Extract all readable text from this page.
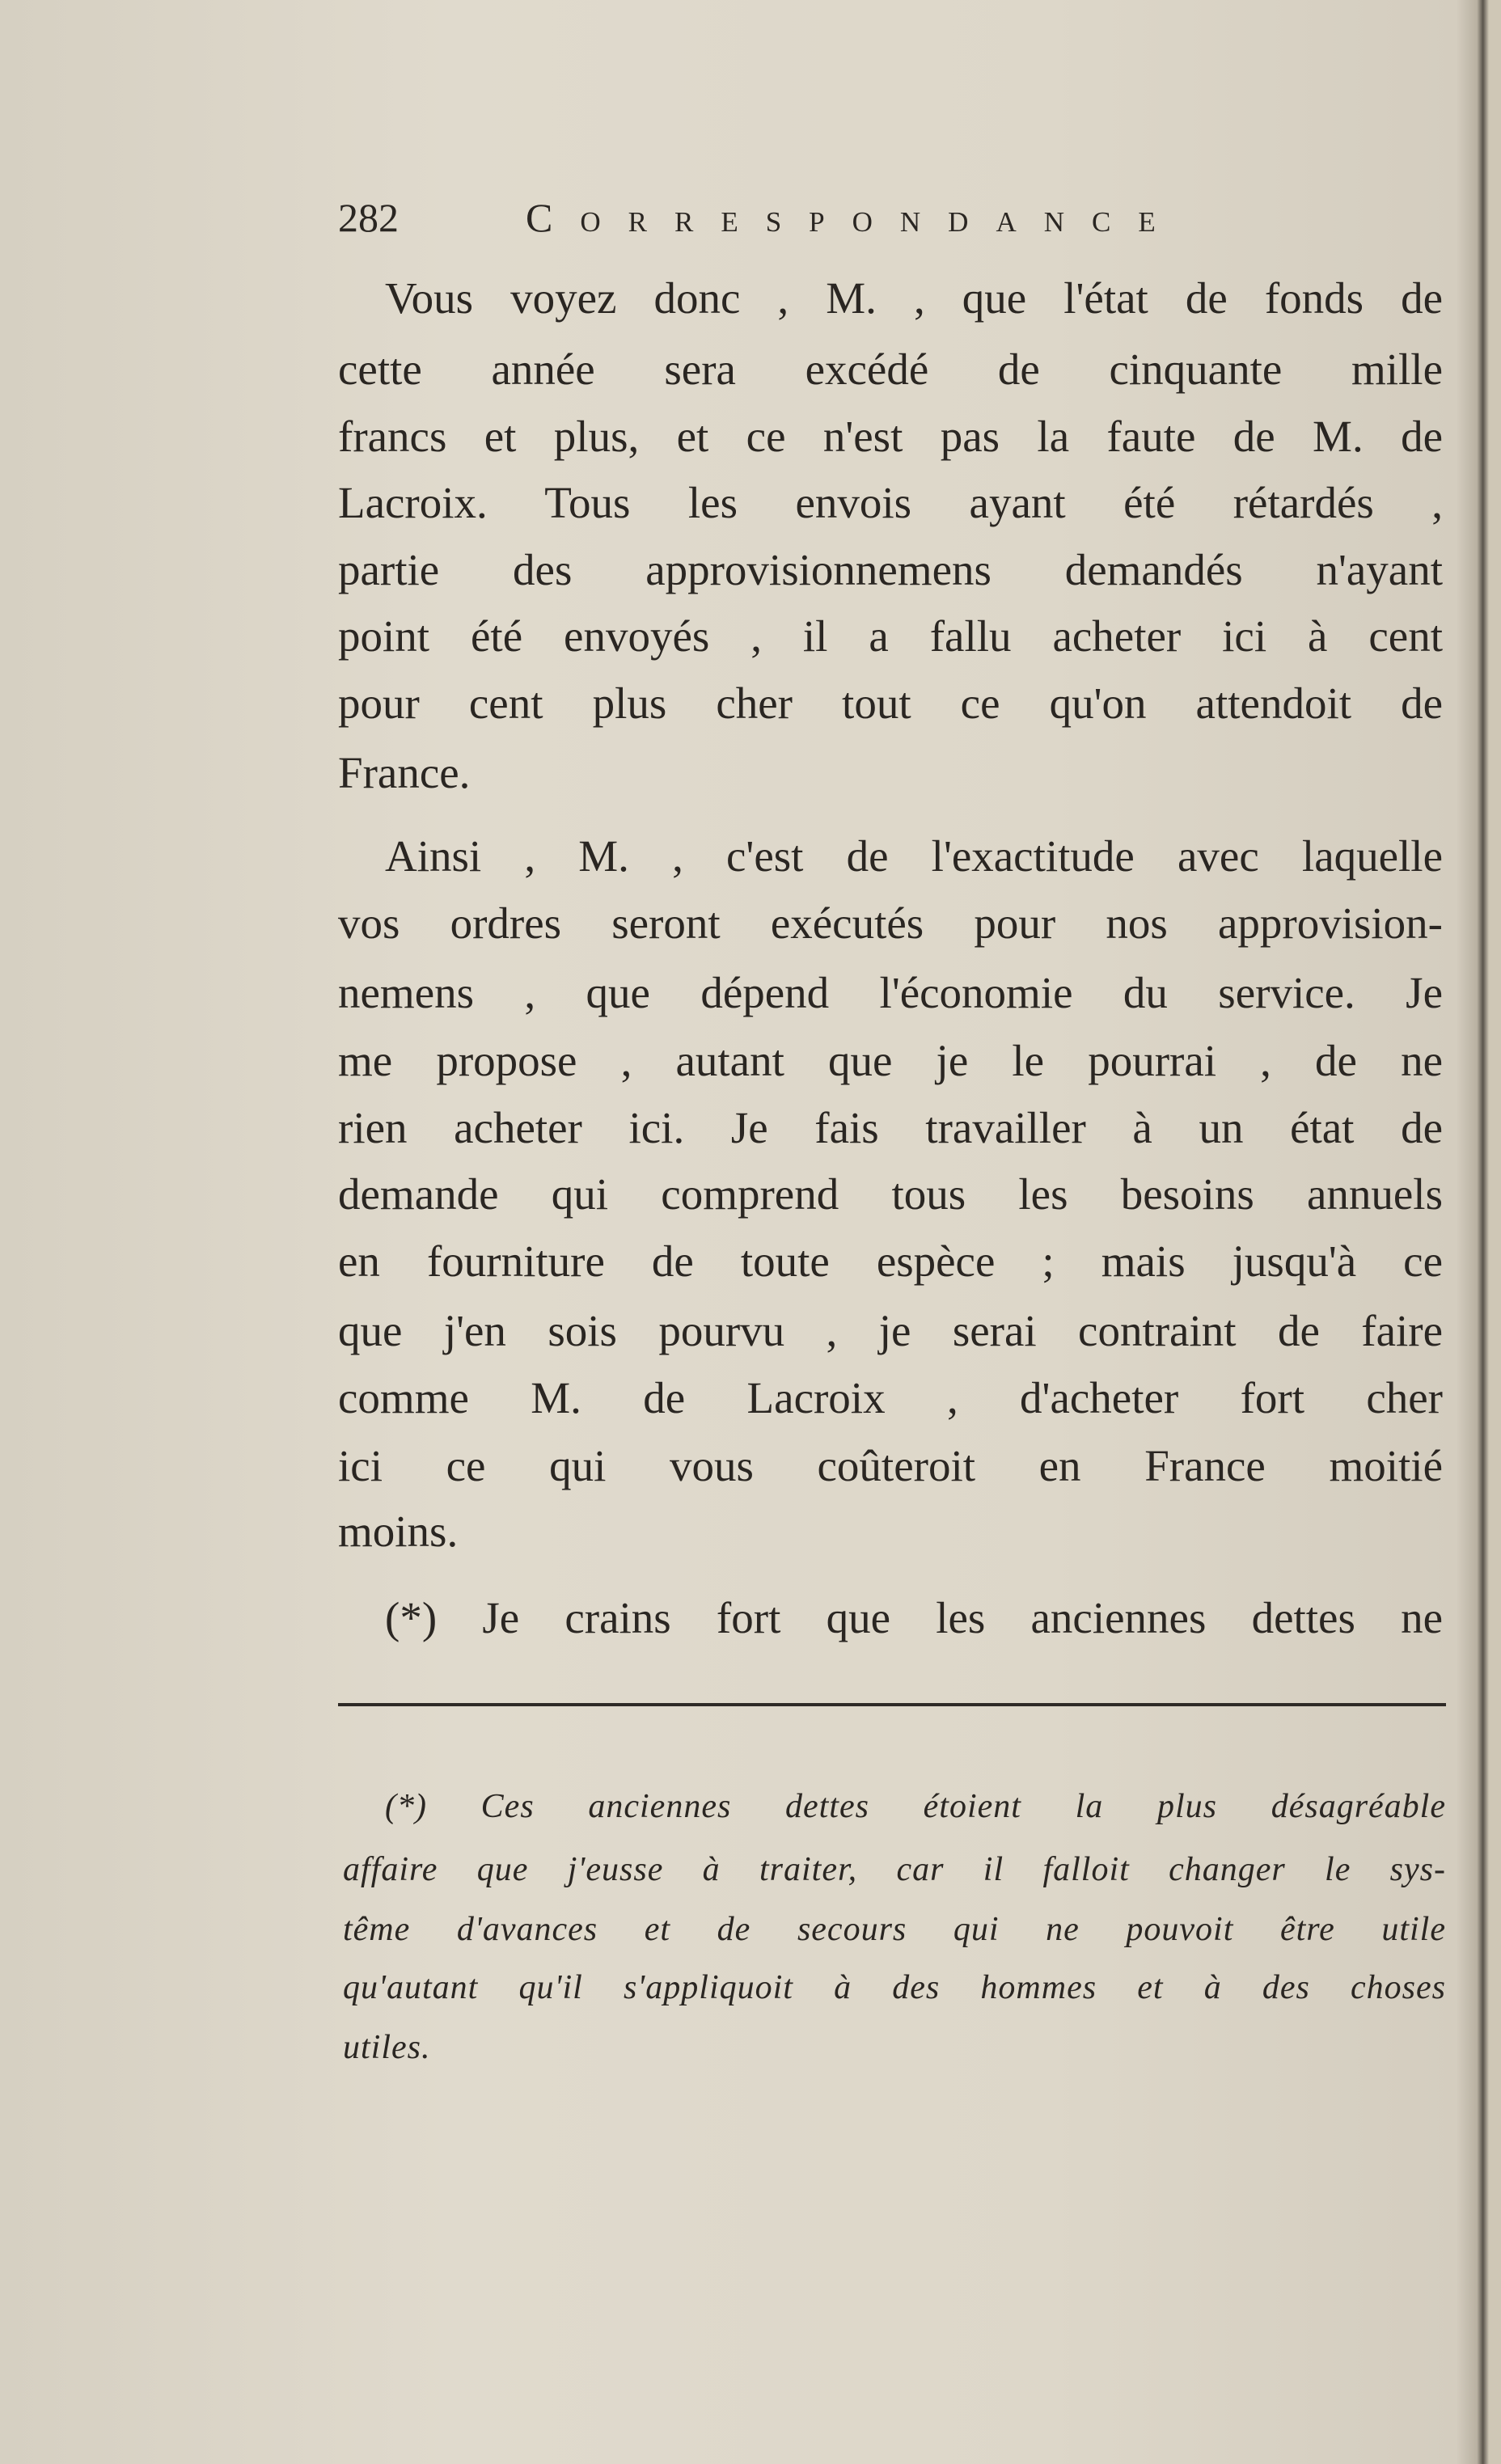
282	Correspondance
Vous voyez donc , M. , que l'état de fonds de
cette année sera excédé de cinquante mille
francs et plus, et ce n'est pas la faute de M. de
Lacroix. Tous les envois ayant été rétardés ,
partie des approvisionnemens demandés n'ayant
point été envoyés , il a fallu acheter ici à cent
pour cent plus cher tout ce qu'on attendoit de
France.
Ainsi , M. , c'est de l'exactitude avec laquelle
vos ordres seront exécutés pour nos approvision-
nemens , que dépend l'économie du service. Je
me propose , autant que je le pourrai , de ne
rien acheter ici. Je fais travailler à un état de
demande qui comprend tous les besoins annuels
en fourniture de toute espèce ; mais jusqu'à ce
que j'en sois pourvu , je serai contraint de faire
comme M. de Lacroix , d'acheter fort cher
ici ce qui vous coûteroit en France moitié
moins.
(*) Je crains fort que les anciennes dettes ne
(*) Ces anciennes dettes étoient la plus désagréable
affaire que j'eusse à traiter, car il falloit changer le sys-
tême d'avances et de secours qui ne pouvoit être utile
qu'autant qu'il s'appliquoit à des hommes et à des choses
utiles.
